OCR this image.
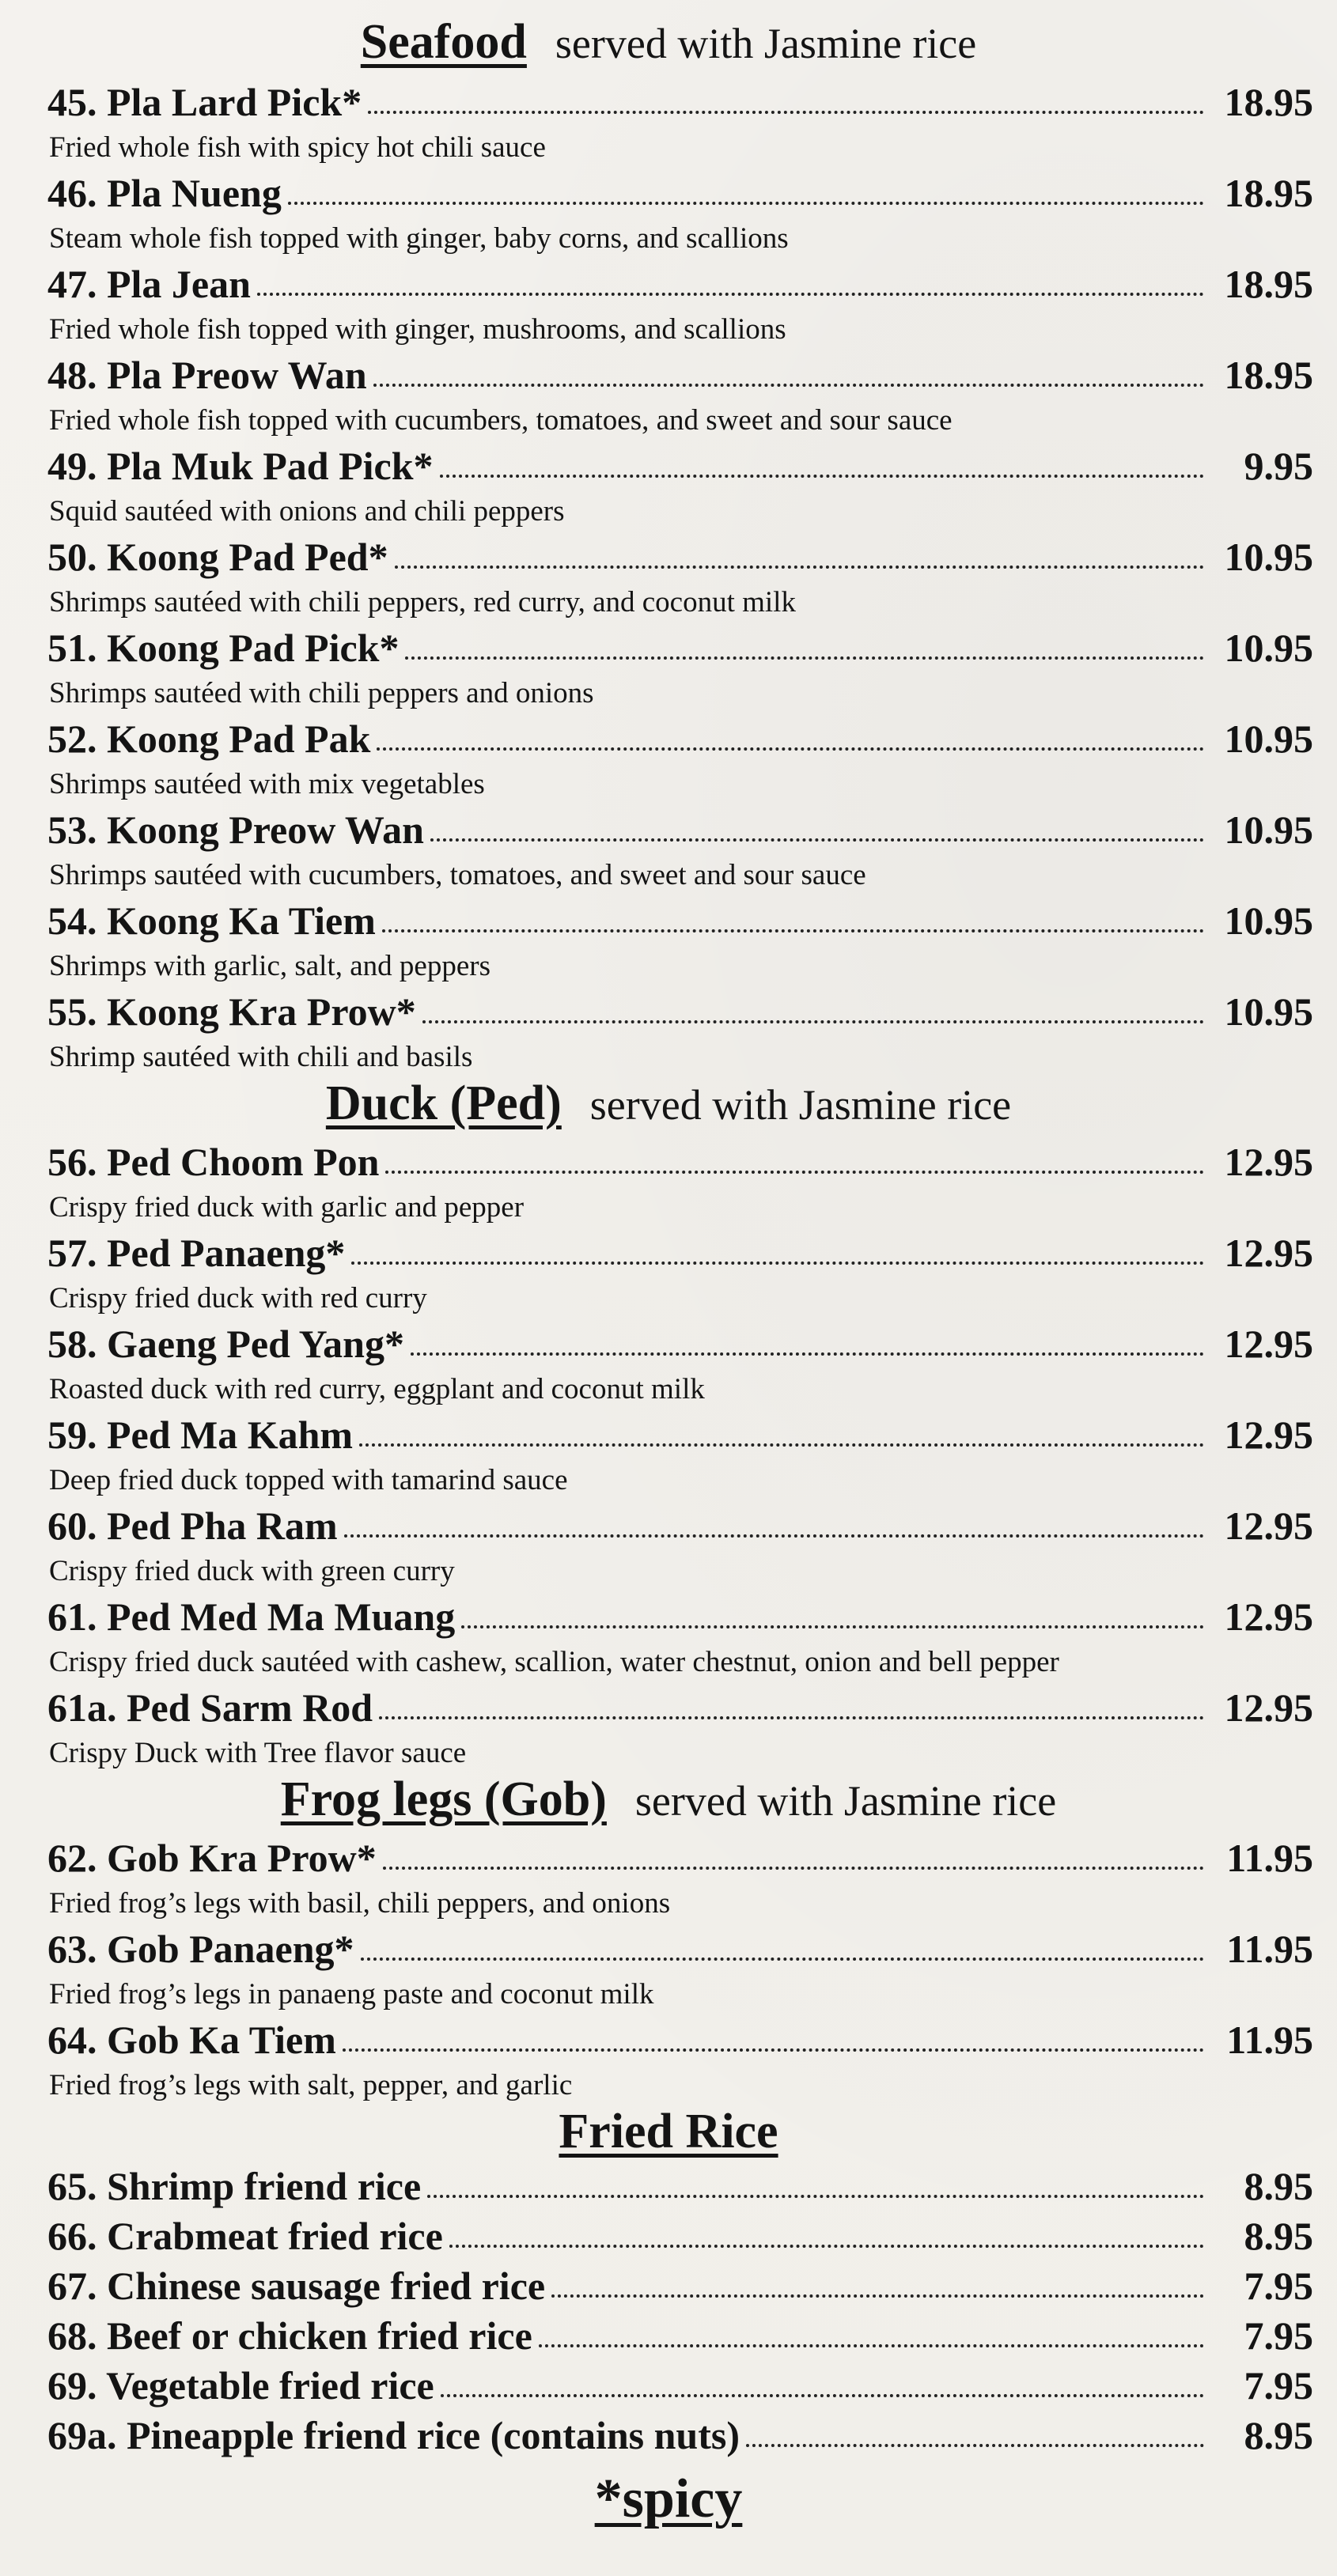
Seafood served with Jasmine rice
45. Pla Lard Pick*	18.95
Fried whole fish with spicy hot chili sauce
46. Pla Nueng	18.95
Steam whole fish topped with ginger, baby corns, and scallions
47. Pla Jean	18.95
Fried whole fish topped with ginger, mushrooms, and scallions
48. Pla Preow Wan	18.95
Fried whole fish topped with cucumbers, tomatoes, and sweet and sour sauce
49. Pla Muk Pad Pick*	9.95
Squid sautéed with onions and chili peppers
50. Koong Pad Ped*	10.95
Shrimps sautéed with chili peppers, red curry, and coconut milk
51. Koong Pad Pick*	10.95
Shrimps sautéed with chili peppers and onions
52. Koong Pad Pak	10.95
Shrimps sautéed with mix vegetables
53. Koong Preow Wan	10.95
Shrimps sautéed with cucumbers, tomatoes, and sweet and sour sauce
54. Koong Ka Tiem	10.95
Shrimps with garlic, salt, and peppers
55. Koong Kra Prow*	10.95
Shrimp sautéed with chili and basils
Duck (Ped) served with Jasmine rice
56. Ped Choom Pon	12.95
Crispy fried duck with garlic and pepper
57. Ped Panaeng*	12.95
Crispy fried duck with red curry
58. Gaeng Ped Yang*	12.95
Roasted duck with red curry, eggplant and coconut milk
59. Ped Ma Kahm	12.95
Deep fried duck topped with tamarind sauce
60. Ped Pha Ram	12.95
Crispy fried duck with green curry
61. Ped Med Ma Muang	12.95
Crispy fried duck sautéed with cashew, scallion, water chestnut, onion and bell pepper
61a. Ped Sarm Rod	12.95
Crispy Duck with Tree flavor sauce
Frog legs (Gob) served with Jasmine rice
62. Gob Kra Prow*	11.95
Fried frog’s legs with basil, chili peppers, and onions
63. Gob Panaeng*	11.95
Fried frog’s legs in panaeng paste and coconut milk
64. Gob Ka Tiem	11.95
Fried frog’s legs with salt, pepper, and garlic
Fried Rice
65. Shrimp friend rice	8.95
66. Crabmeat fried rice	8.95
67. Chinese sausage fried rice	7.95
68. Beef or chicken fried rice	7.95
69. Vegetable fried rice	7.95
69a. Pineapple friend rice (contains nuts)	8.95
*spicy
